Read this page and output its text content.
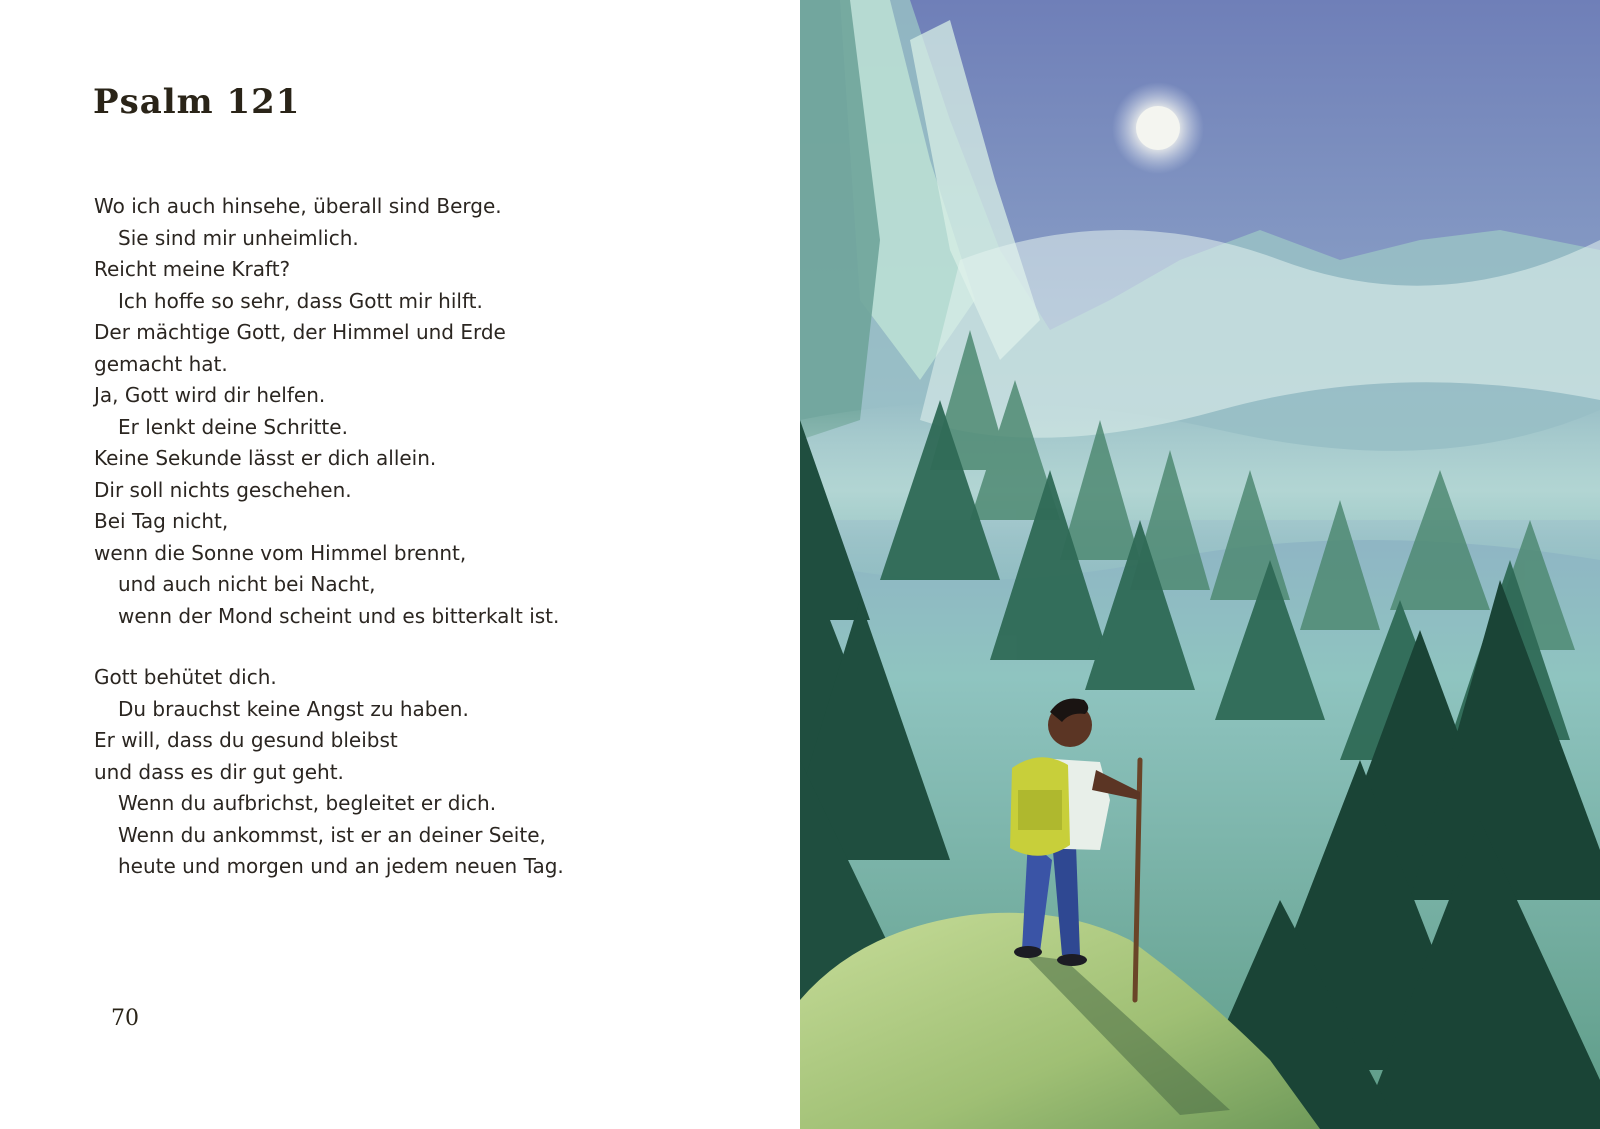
Psalm 121
Wo ich auch hinsehe, überall sind Berge.
Sie sind mir unheimlich.
Reicht meine Kraft?
Ich hoffe so sehr, dass Gott mir hilft.
Der mächtige Gott, der Himmel und Erde
gemacht hat.
Ja, Gott wird dir helfen.
Er lenkt deine Schritte.
Keine Sekunde lässt er dich allein.
Dir soll nichts geschehen.
Bei Tag nicht,
wenn die Sonne vom Himmel brennt,
und auch nicht bei Nacht,
wenn der Mond scheint und es bitterkalt ist.
Gott behütet dich.
Du brauchst keine Angst zu haben.
Er will, dass du gesund bleibst
und dass es dir gut geht.
Wenn du aufbrichst, begleitet er dich.
Wenn du ankommst, ist er an deiner Seite,
heute und morgen und an jedem neuen Tag.
70
